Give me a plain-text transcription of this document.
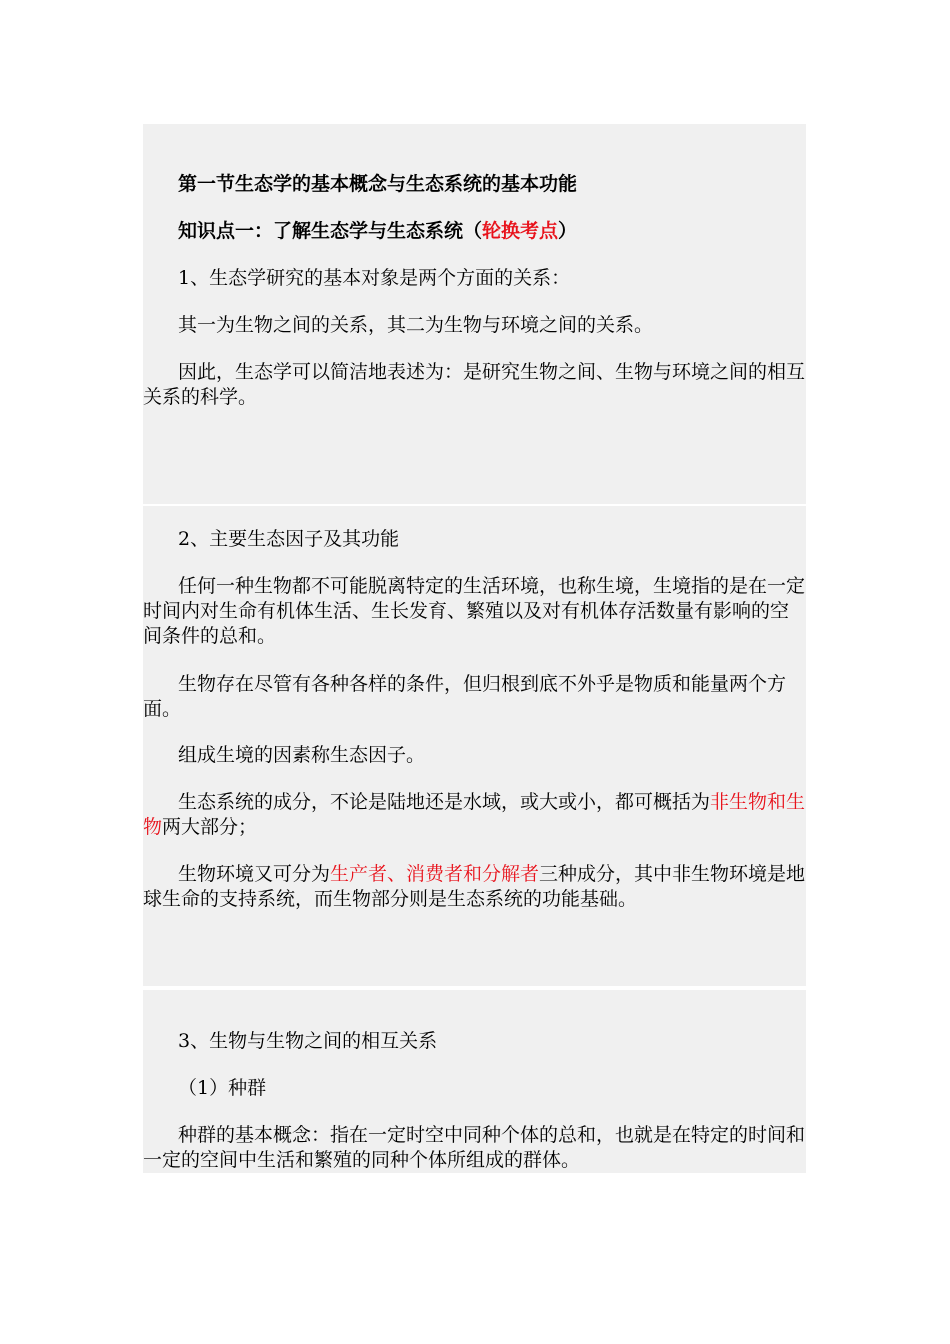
第一节生态学的基本概念与生态系统的基本功能

知识点一：了解生态学与生态系统（轮换考点）

1、生态学研究的基本对象是两个方面的关系：

其一为生物之间的关系，其二为生物与环境之间的关系。

因此，生态学可以简洁地表述为：是研究生物之间、生物与环境之间的相互关系的科学。

2、主要生态因子及其功能

任何一种生物都不可能脱离特定的生活环境，也称生境，生境指的是在一定时间内对生命有机体生活、生长发育、繁殖以及对有机体存活数量有影响的空间条件的总和。

生物存在尽管有各种各样的条件，但归根到底不外乎是物质和能量两个方面。

组成生境的因素称生态因子。

生态系统的成分，不论是陆地还是水域，或大或小，都可概括为非生物和生物两大部分；

生物环境又可分为生产者、消费者和分解者三种成分，其中非生物环境是地球生命的支持系统，而生物部分则是生态系统的功能基础。

3、生物与生物之间的相互关系

（1）种群

种群的基本概念：指在一定时空中同种个体的总和，也就是在特定的时间和一定的空间中生活和繁殖的同种个体所组成的群体。
